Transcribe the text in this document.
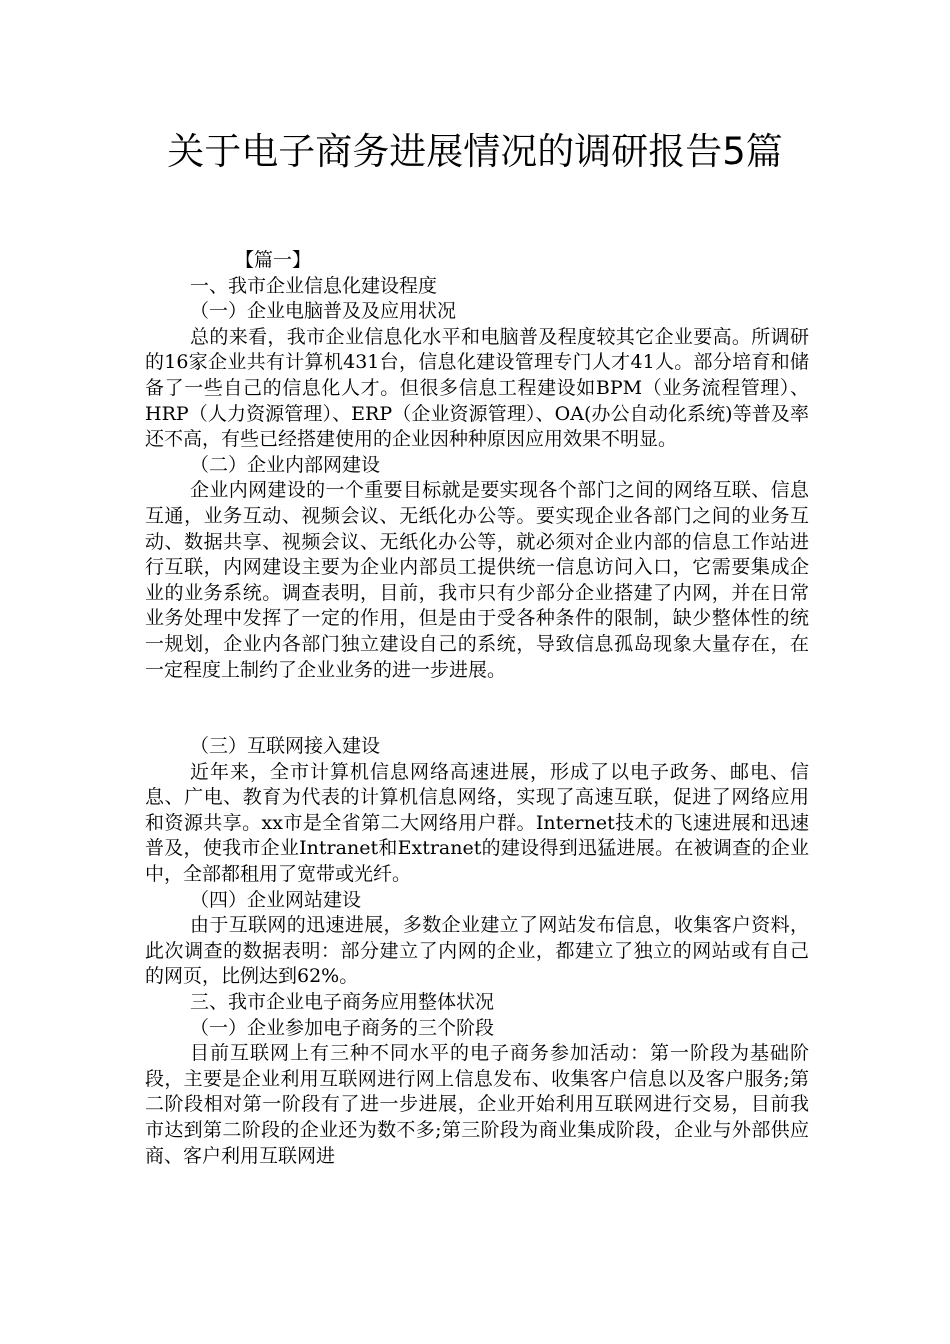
关于电子商务进展情况的调研报告5篇

【篇一】

一、我市企业信息化建设程度

（一）企业电脑普及及应用状况

总的来看，我市企业信息化水平和电脑普及程度较其它企业要高。所调研的16家企业共有计算机431台，信息化建设管理专门人才41人。部分培育和储备了一些自己的信息化人才。但很多信息工程建设如BPM（业务流程管理）、HRP（人力资源管理）、ERP（企业资源管理）、OA(办公自动化系统)等普及率还不高，有些已经搭建使用的企业因种种原因应用效果不明显。

（二）企业内部网建设

企业内网建设的一个重要目标就是要实现各个部门之间的网络互联、信息互通，业务互动、视频会议、无纸化办公等。要实现企业各部门之间的业务互动、数据共享、视频会议、无纸化办公等，就必须对企业内部的信息工作站进行互联，内网建设主要为企业内部员工提供统一信息访问入口，它需要集成企业的业务系统。调查表明，目前，我市只有少部分企业搭建了内网，并在日常业务处理中发挥了一定的作用，但是由于受各种条件的限制，缺少整体性的统一规划，企业内各部门独立建设自己的系统，导致信息孤岛现象大量存在，在一定程度上制约了企业业务的进一步进展。

（三）互联网接入建设

近年来，全市计算机信息网络高速进展，形成了以电子政务、邮电、信息、广电、教育为代表的计算机信息网络，实现了高速互联，促进了网络应用和资源共享。xx市是全省第二大网络用户群。Internet技术的飞速进展和迅速普及，使我市企业Intranet和Extranet的建设得到迅猛进展。在被调查的企业中，全部都租用了宽带或光纤。

（四）企业网站建设

由于互联网的迅速进展，多数企业建立了网站发布信息，收集客户资料，此次调查的数据表明：部分建立了内网的企业，都建立了独立的网站或有自己的网页，比例达到62%。

三、我市企业电子商务应用整体状况

（一）企业参加电子商务的三个阶段

目前互联网上有三种不同水平的电子商务参加活动：第一阶段为基础阶段，主要是企业利用互联网进行网上信息发布、收集客户信息以及客户服务;第二阶段相对第一阶段有了进一步进展，企业开始利用互联网进行交易，目前我市达到第二阶段的企业还为数不多;第三阶段为商业集成阶段，企业与外部供应商、客户利用互联网进
